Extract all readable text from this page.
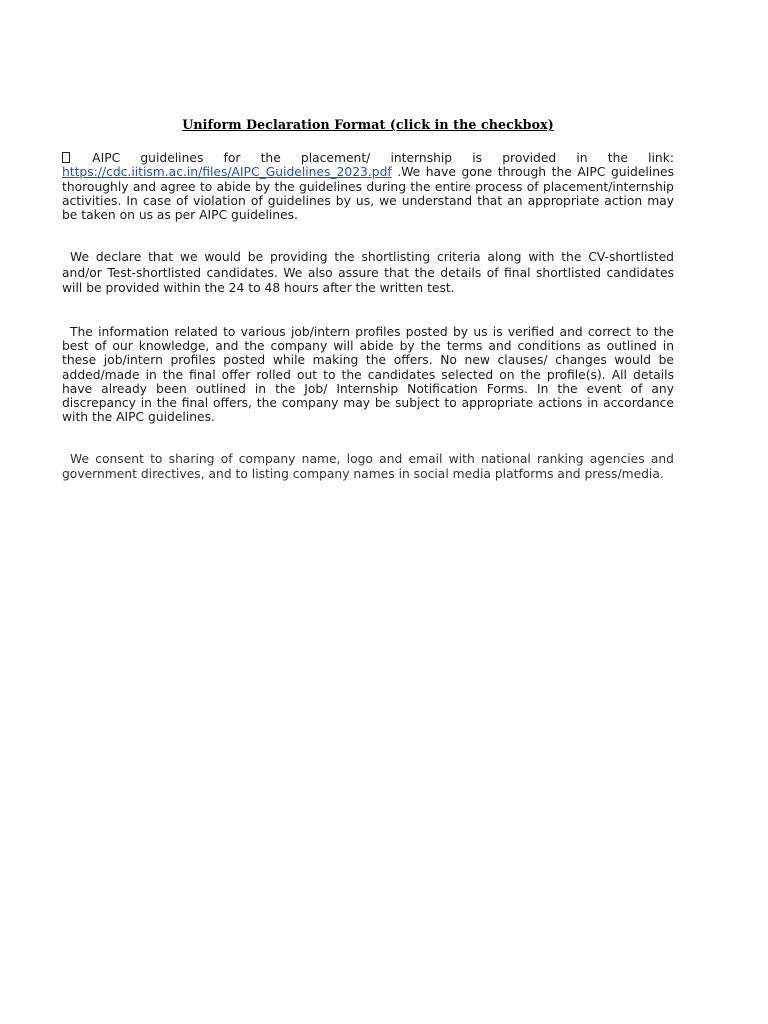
Uniform Declaration Format (click in the checkbox)

AIPC guidelines for the placement/ internship is provided in the link: https://cdc.iitism.ac.in/files/AIPC_Guidelines_2023.pdf .We have gone through the AIPC guidelines thoroughly and agree to abide by the guidelines during the entire process of placement/internship activities. In case of violation of guidelines by us, we understand that an appropriate action may be taken on us as per AIPC guidelines.

We declare that we would be providing the shortlisting criteria along with the CV-shortlisted and/or Test-shortlisted candidates. We also assure that the details of final shortlisted candidates will be provided within the 24 to 48 hours after the written test.

The information related to various job/intern profiles posted by us is verified and correct to the best of our knowledge, and the company will abide by the terms and conditions as outlined in these job/intern profiles posted while making the offers. No new clauses/ changes would be added/made in the final offer rolled out to the candidates selected on the profile(s). All details have already been outlined in the Job/ Internship Notification Forms. In the event of any discrepancy in the final offers, the company may be subject to appropriate actions in accordance with the AIPC guidelines.

We consent to sharing of company name, logo and email with national ranking agencies and government directives, and to listing company names in social media platforms and press/media.
